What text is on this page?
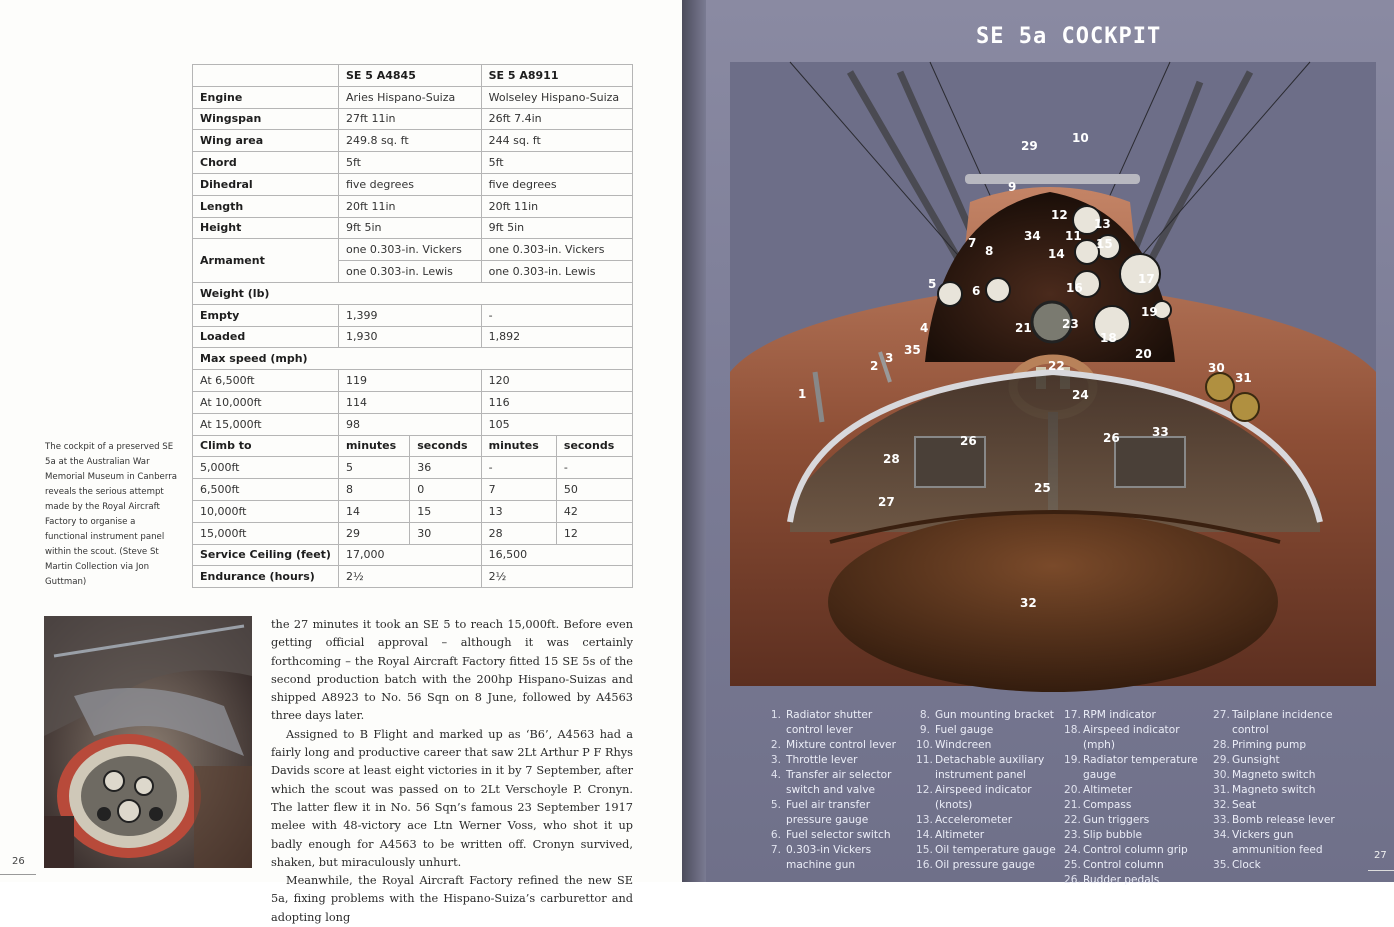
	SE 5 A4845		SE 5 A8911	
Engine	Aries Hispano-Suiza		Wolseley Hispano-Suiza	
Wingspan	27ft 11in		26ft 7.4in	
Wing area	249.8 sq. ft		244 sq. ft	
Chord	5ft		5ft	
Dihedral	five degrees		five degrees	
Length	20ft 11in		20ft 11in	
Height	9ft 5in		9ft 5in	
Armament	one 0.303-in. Vickers		one 0.303-in. Vickers	
	one 0.303-in. Lewis		one 0.303-in. Lewis	
Weight (lb)				
Empty	1,399		-	
Loaded	1,930		1,892	
Max speed (mph)				
At 6,500ft	119		120	
At 10,000ft	114		116	
At 15,000ft	98		105	
Climb to	minutes	seconds	minutes	seconds
5,000ft	5	36	-	-
6,500ft	8	0	7	50
10,000ft	14	15	13	42
15,000ft	29	30	28	12
Service Ceiling (feet)	17,000		16,500	
Endurance (hours)	2½		2½	
The cockpit of a preserved SE 5a at the Australian War Memorial Museum in Canberra reveals the serious attempt made by the Royal Aircraft Factory to organise a functional instrument panel within the scout. (Steve St Martin Collection via Jon Guttman)

the 27 minutes it took an SE 5 to reach 15,000ft. Before even getting official approval – although it was certainly forthcoming – the Royal Aircraft Factory fitted 15 SE 5s of the second production batch with the 200hp Hispano-Suizas and shipped A8923 to No. 56 Sqn on 8 June, followed by A4563 three days later.

Assigned to B Flight and marked up as ‘B6’, A4563 had a fairly long and productive career that saw 2Lt Arthur P F Rhys Davids score at least eight victories in it by 7 September, after which the scout was passed on to 2Lt Verschoyle P. Cronyn. The latter flew it in No. 56 Sqn’s famous 23 September 1917 melee with 48-victory ace Ltn Werner Voss, who shot it up badly enough for A4563 to be written off. Cronyn survived, shaken, but miraculously unhurt.

Meanwhile, the Royal Aircraft Factory refined the new SE 5a, fixing problems with the Hispano-Suiza’s carburettor and adopting long

26
SE 5a COCKPIT
1
2
3
4
5	6
7
8
9
10
11
12
13
14
15
16
17
18
19
20
21
22
23
24
25
26	26
27
28
29
30
31
32
33
34
35
1. Radiator shutter control lever
2. Mixture control lever
3. Throttle lever
4. Transfer air selector switch and valve
5. Fuel air transfer pressure gauge
6. Fuel selector switch
7. 0.303-in Vickers machine gun
8. Gun mounting bracket
9. Fuel gauge
10. Windcreen
11. Detachable auxiliary instrument panel
12. Airspeed indicator (knots)
13. Accelerometer
14. Altimeter
15. Oil temperature gauge
16. Oil pressure gauge
17. RPM indicator
18. Airspeed indicator (mph)
19. Radiator temperature gauge
20. Altimeter
21. Compass
22. Gun triggers
23. Slip bubble
24. Control column grip
25. Control column
26. Rudder pedals
27. Tailplane incidence control
28. Priming pump
29. Gunsight
30. Magneto switch
31. Magneto switch
32. Seat
33. Bomb release lever
34. Vickers gun ammunition feed
35. Clock
27
